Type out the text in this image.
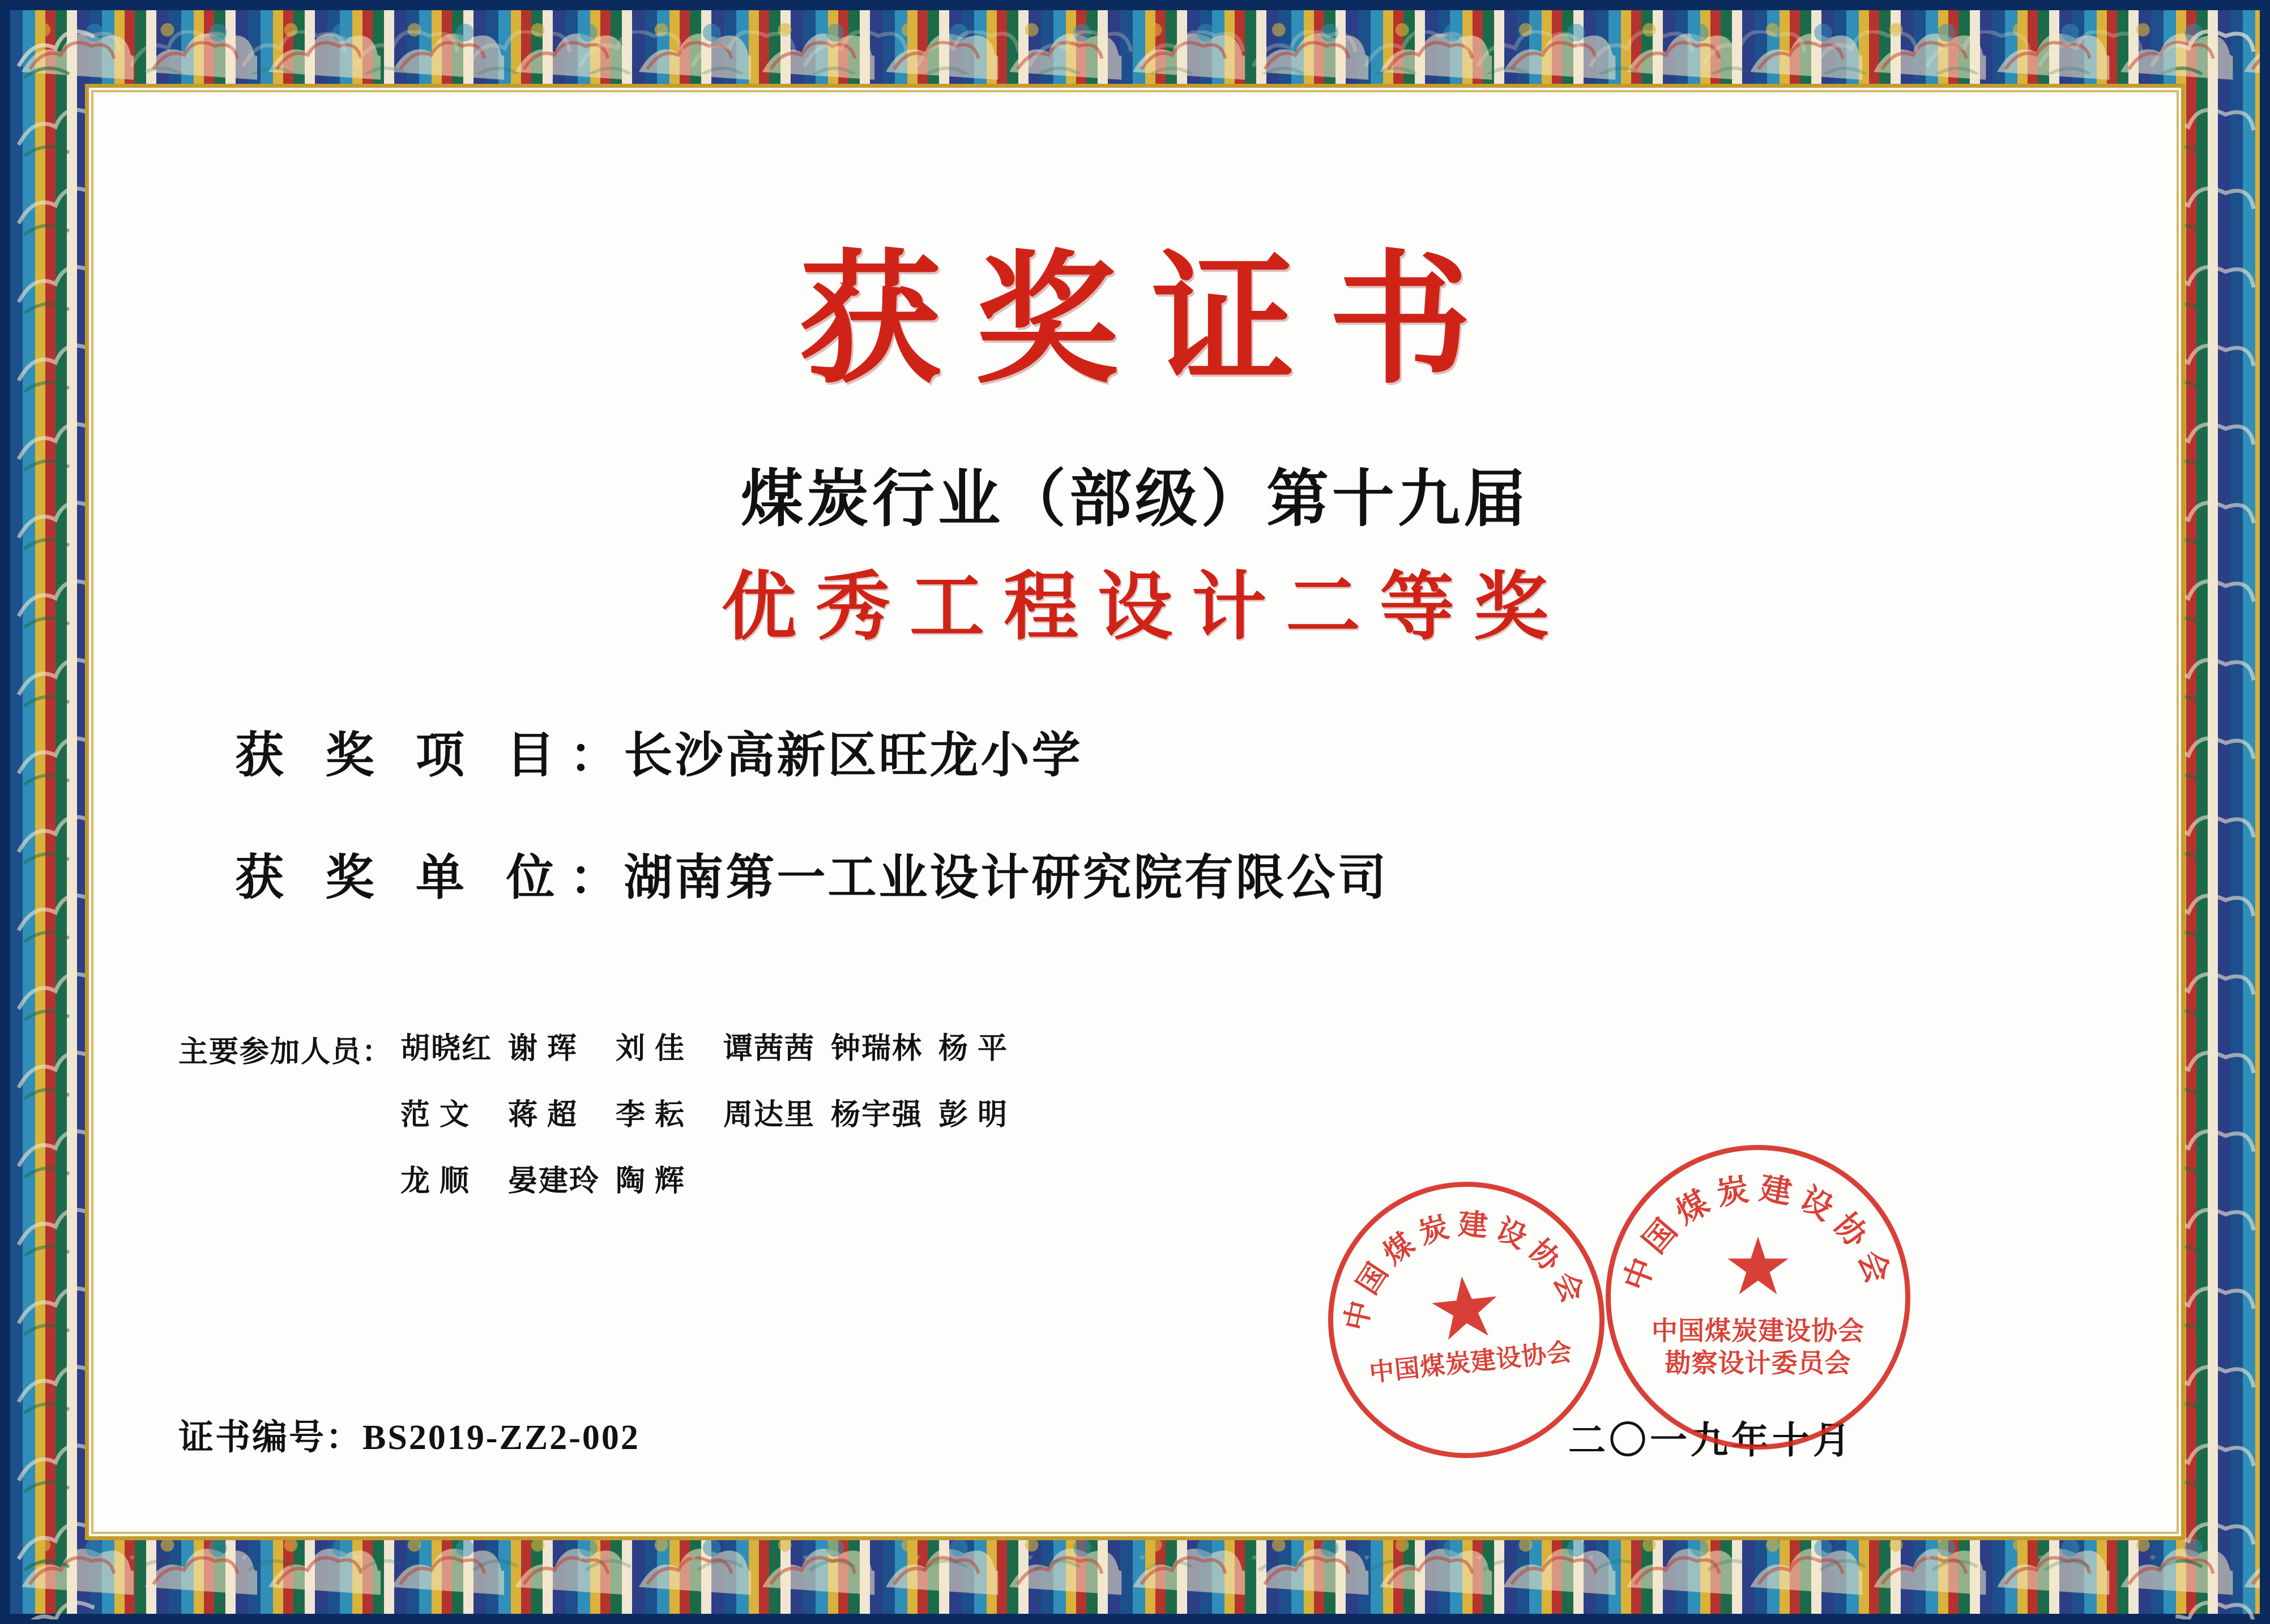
获奖证书
煤炭行业（部级）第十九届
优秀工程设计二等奖
获 奖 项 目 ： 长沙高新区旺龙小学
获 奖 单 位 ： 湖南第一工业设计研究院有限公司
主要参加人员： 胡晓红 谢 珲 刘 佳 谭茜茜 钟瑞林 杨 平
范 文 蒋 超 李 耘 周达里 杨宇强 彭 明
龙 顺 晏建玲 陶 辉
证书编号：BS2019-ZZ2-002	二〇一九年十月
中国煤炭建设协会
★
中国煤炭建设协会
中国煤炭建设协会
★
中国煤炭建设协会
勘察设计委员会
